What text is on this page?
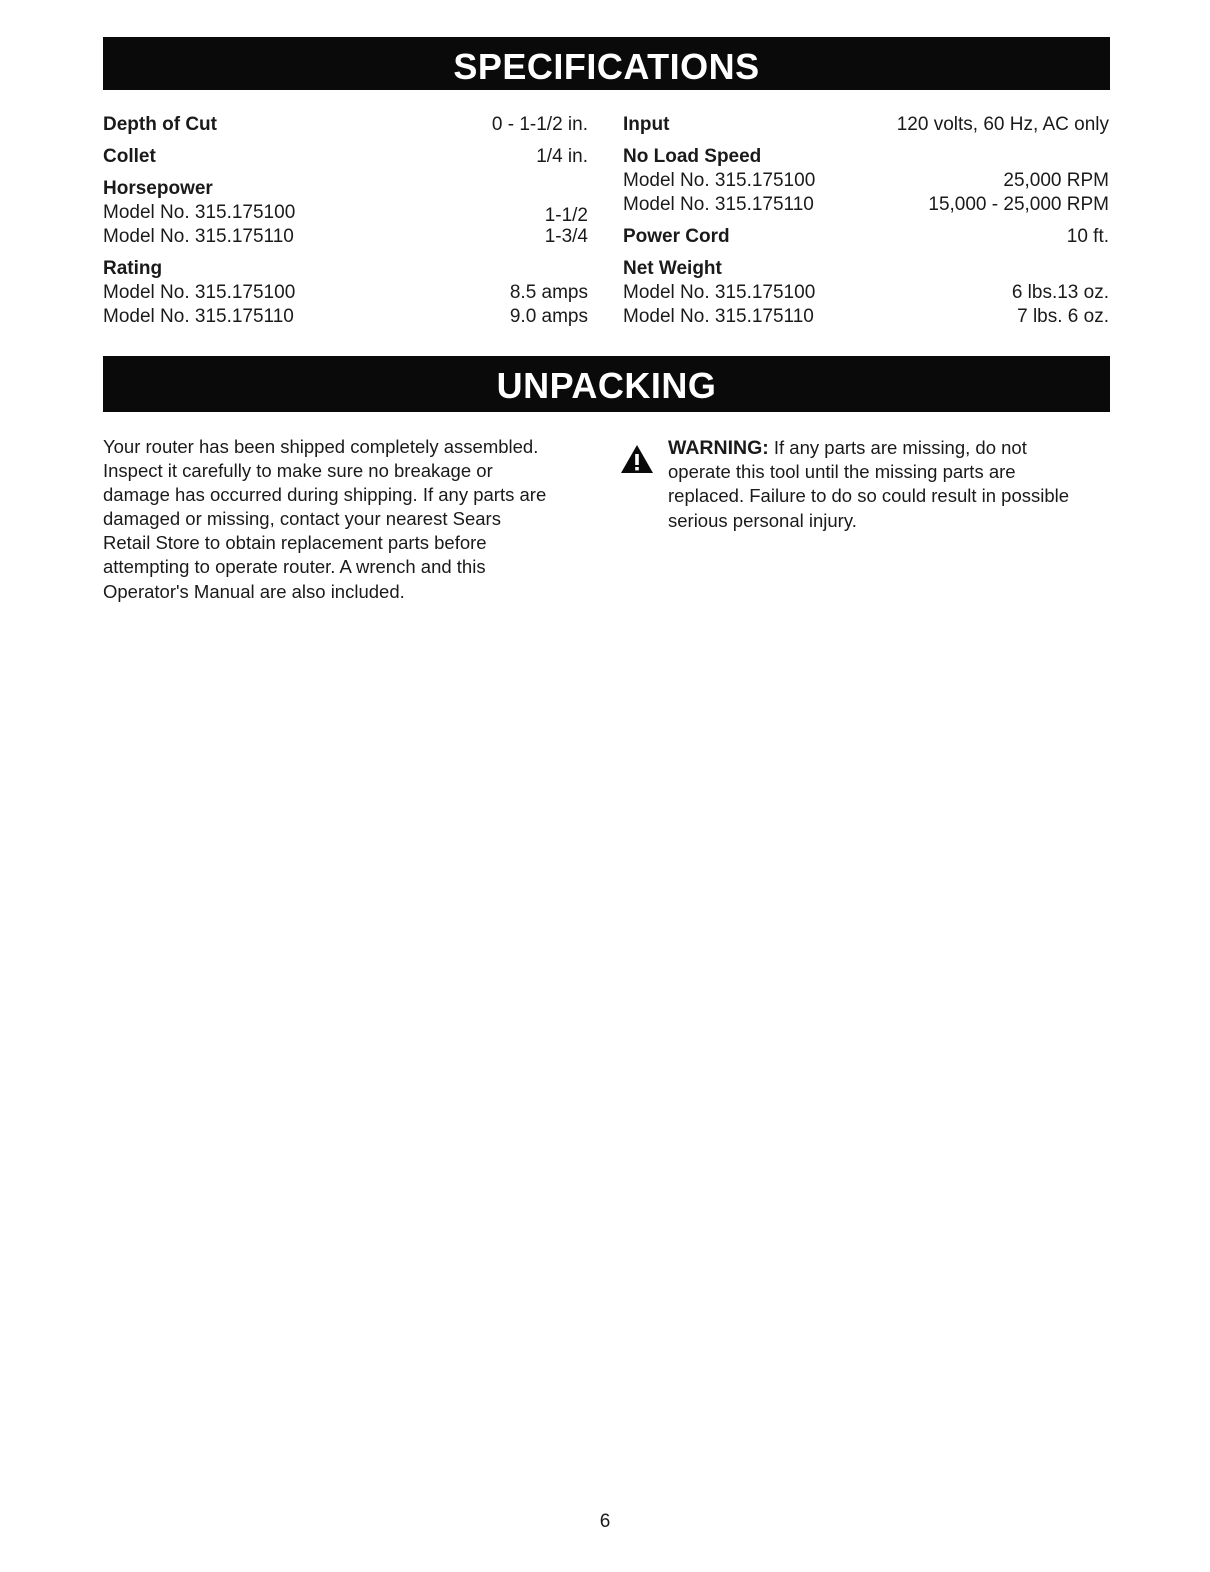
SPECIFICATIONS
Depth of Cut	0 - 1-1/2 in.
Collet	1/4 in.
Horsepower
Model No. 315.175100	1-1/2
Model No. 315.175110	1-3/4
Rating
Model No. 315.175100	8.5 amps
Model No. 315.175110	9.0 amps
Input	120 volts, 60 Hz, AC only
No Load Speed
Model No. 315.175100	25,000 RPM
Model No. 315.175110	15,000 - 25,000 RPM
Power Cord	10 ft.
Net Weight
Model No. 315.175100	6 lbs.13 oz.
Model No. 315.175110	7 lbs. 6 oz.
UNPACKING

Your router has been shipped completely assembled.
Inspect it carefully to make sure no breakage or
damage has occurred during shipping. If any parts are
damaged or missing, contact your nearest Sears
Retail Store to obtain replacement parts before
attempting to operate router. A wrench and this
Operator's Manual are also included.

WARNING: If any parts are missing, do not
operate this tool until the missing parts are
replaced. Failure to do so could result in possible
serious personal injury.

6
